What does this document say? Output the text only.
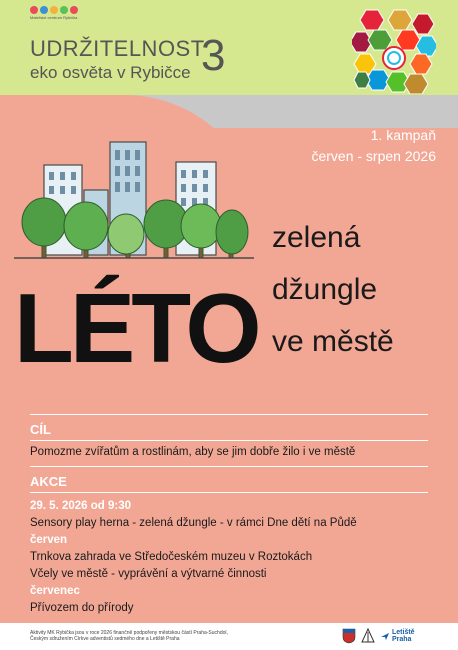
Mateřské centrum Rybička
UDRŽITELNOST
3
eko osvěta v Rybičce
1. kampaň
červen - srpen 2026
zelená
džungle
ve městě
LÉTO
CÍL
Pomozme zvířatům a rostlinám, aby se jim dobře žilo i ve městě
AKCE
29. 5. 2026 od 9:30
Sensory play herna - zelená džungle - v rámci Dne dětí na Půdě
červen
Trnkova zahrada ve Středočeském muzeu v Roztokách
Včely ve městě - vyprávění a výtvarné činnosti
červenec
Přívozem do přírody
Aktivity MK Rybička jsou v roce 2026 finančně podpořeny městskou částí Praha-Suchdol,
Českým sdružením Církve adventistů sedmého dne a Letiště Praha
Letiště
Praha
